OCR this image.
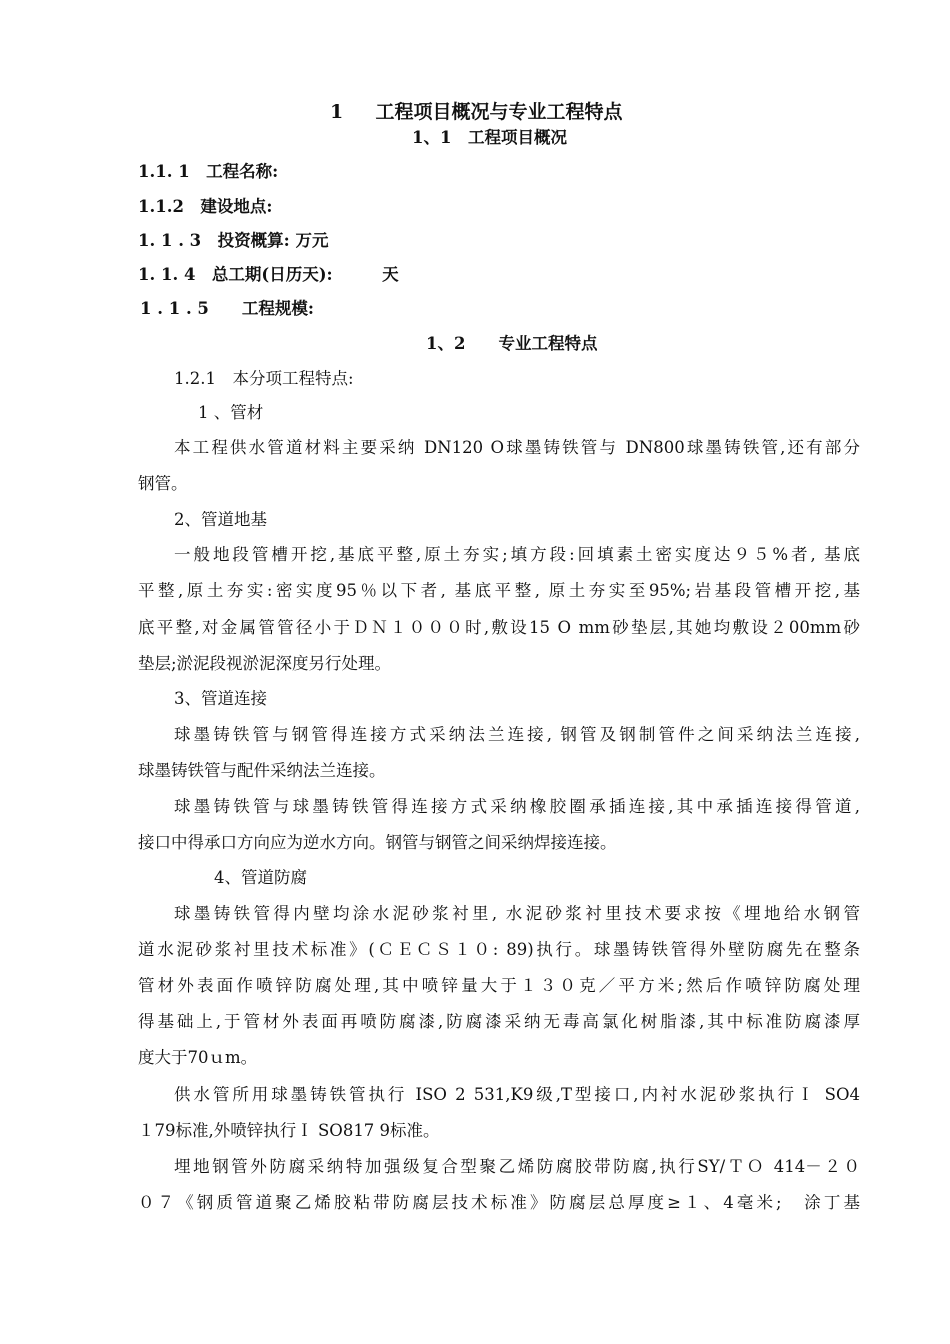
1 　 工程项目概况与专业工程特点
1、1　工程项目概况
1.1. 1　工程名称:
1.1.2　建设地点:
1. 1 . 3　投资概算: 万元
1. 1. 4　总工期(日历天):　　　天
1 . 1 . 5　　工程规模:
1、2　　专业工程特点
1.2.1　本分项工程特点:
1 、管材
本工程供水管道材料主要采纳 DN120 O球墨铸铁管与 DN800球墨铸铁管,还有部分
钢管。
2、管道地基
一般地段管槽开挖,基底平整,原土夯实;填方段:回填素土密实度达９５%者, 基底
平整,原土夯实:密实度95％以下者, 基底平整, 原土夯实至95%;岩基段管槽开挖,基
底平整,对金属管管径小于ＤＮ１０００时,敷设15 O mm砂垫层,其她均敷设２00mm砂
垫层;淤泥段视淤泥深度另行处理。
3、管道连接
球墨铸铁管与钢管得连接方式采纳法兰连接, 钢管及钢制管件之间采纳法兰连接,
球墨铸铁管与配件采纳法兰连接。
球墨铸铁管与球墨铸铁管得连接方式采纳橡胶圈承插连接,其中承插连接得管道,
接口中得承口方向应为逆水方向。钢管与钢管之间采纳焊接连接。
4、管道防腐
球墨铸铁管得内壁均涂水泥砂浆衬里, 水泥砂浆衬里技术要求按《埋地给水钢管
道水泥砂浆衬里技术标准》(ＣＥＣＳ１０: 89)执行。球墨铸铁管得外壁防腐先在整条
管材外表面作喷锌防腐处理,其中喷锌量大于１３０克／平方米;然后作喷锌防腐处理
得基础上,于管材外表面再喷防腐漆,防腐漆采纳无毒高氯化树脂漆,其中标准防腐漆厚
度大于70ｕm。
供水管所用球墨铸铁管执行 ISO 2 531,K9级,T型接口,内衬水泥砂浆执行Ｉ SO4
１79标准,外喷锌执行Ｉ SO817 9标准。
埋地钢管外防腐采纳特加强级复合型聚乙烯防腐胶带防腐,执行SY/ＴＯ 414－２０
０７《钢质管道聚乙烯胶粘带防腐层技术标准》防腐层总厚度≥１、4毫米;　涂丁基
